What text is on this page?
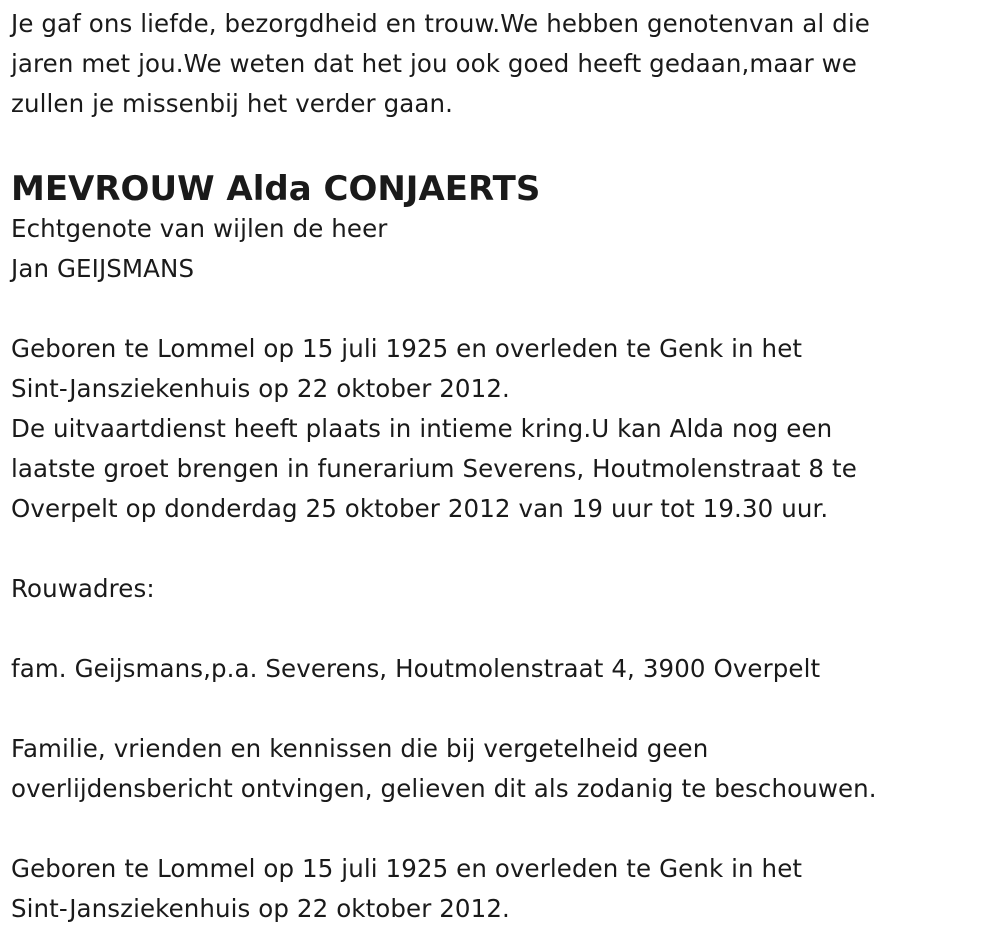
Je gaf ons liefde, bezorgdheid en trouw.We hebben genotenvan al die
jaren met jou.We weten dat het jou ook goed heeft gedaan,maar we
zullen je missenbij het verder gaan.
MEVROUW Alda CONJAERTS
Echtgenote van wijlen de heer
Jan GEIJSMANS
Geboren te Lommel op 15 juli 1925 en overleden te Genk in het
Sint-Jansziekenhuis op 22 oktober 2012.
De uitvaartdienst heeft plaats in intieme kring.U kan Alda nog een
laatste groet brengen in funerarium Severens, Houtmolenstraat 8 te
Overpelt op donderdag 25 oktober 2012 van 19 uur tot 19.30 uur.
Rouwadres:
fam. Geijsmans,p.a. Severens, Houtmolenstraat 4, 3900 Overpelt
Familie, vrienden en kennissen die bij vergetelheid geen
overlijdensbericht ontvingen, gelieven dit als zodanig te beschouwen.
Geboren te Lommel op 15 juli 1925 en overleden te Genk in het
Sint-Jansziekenhuis op 22 oktober 2012.
